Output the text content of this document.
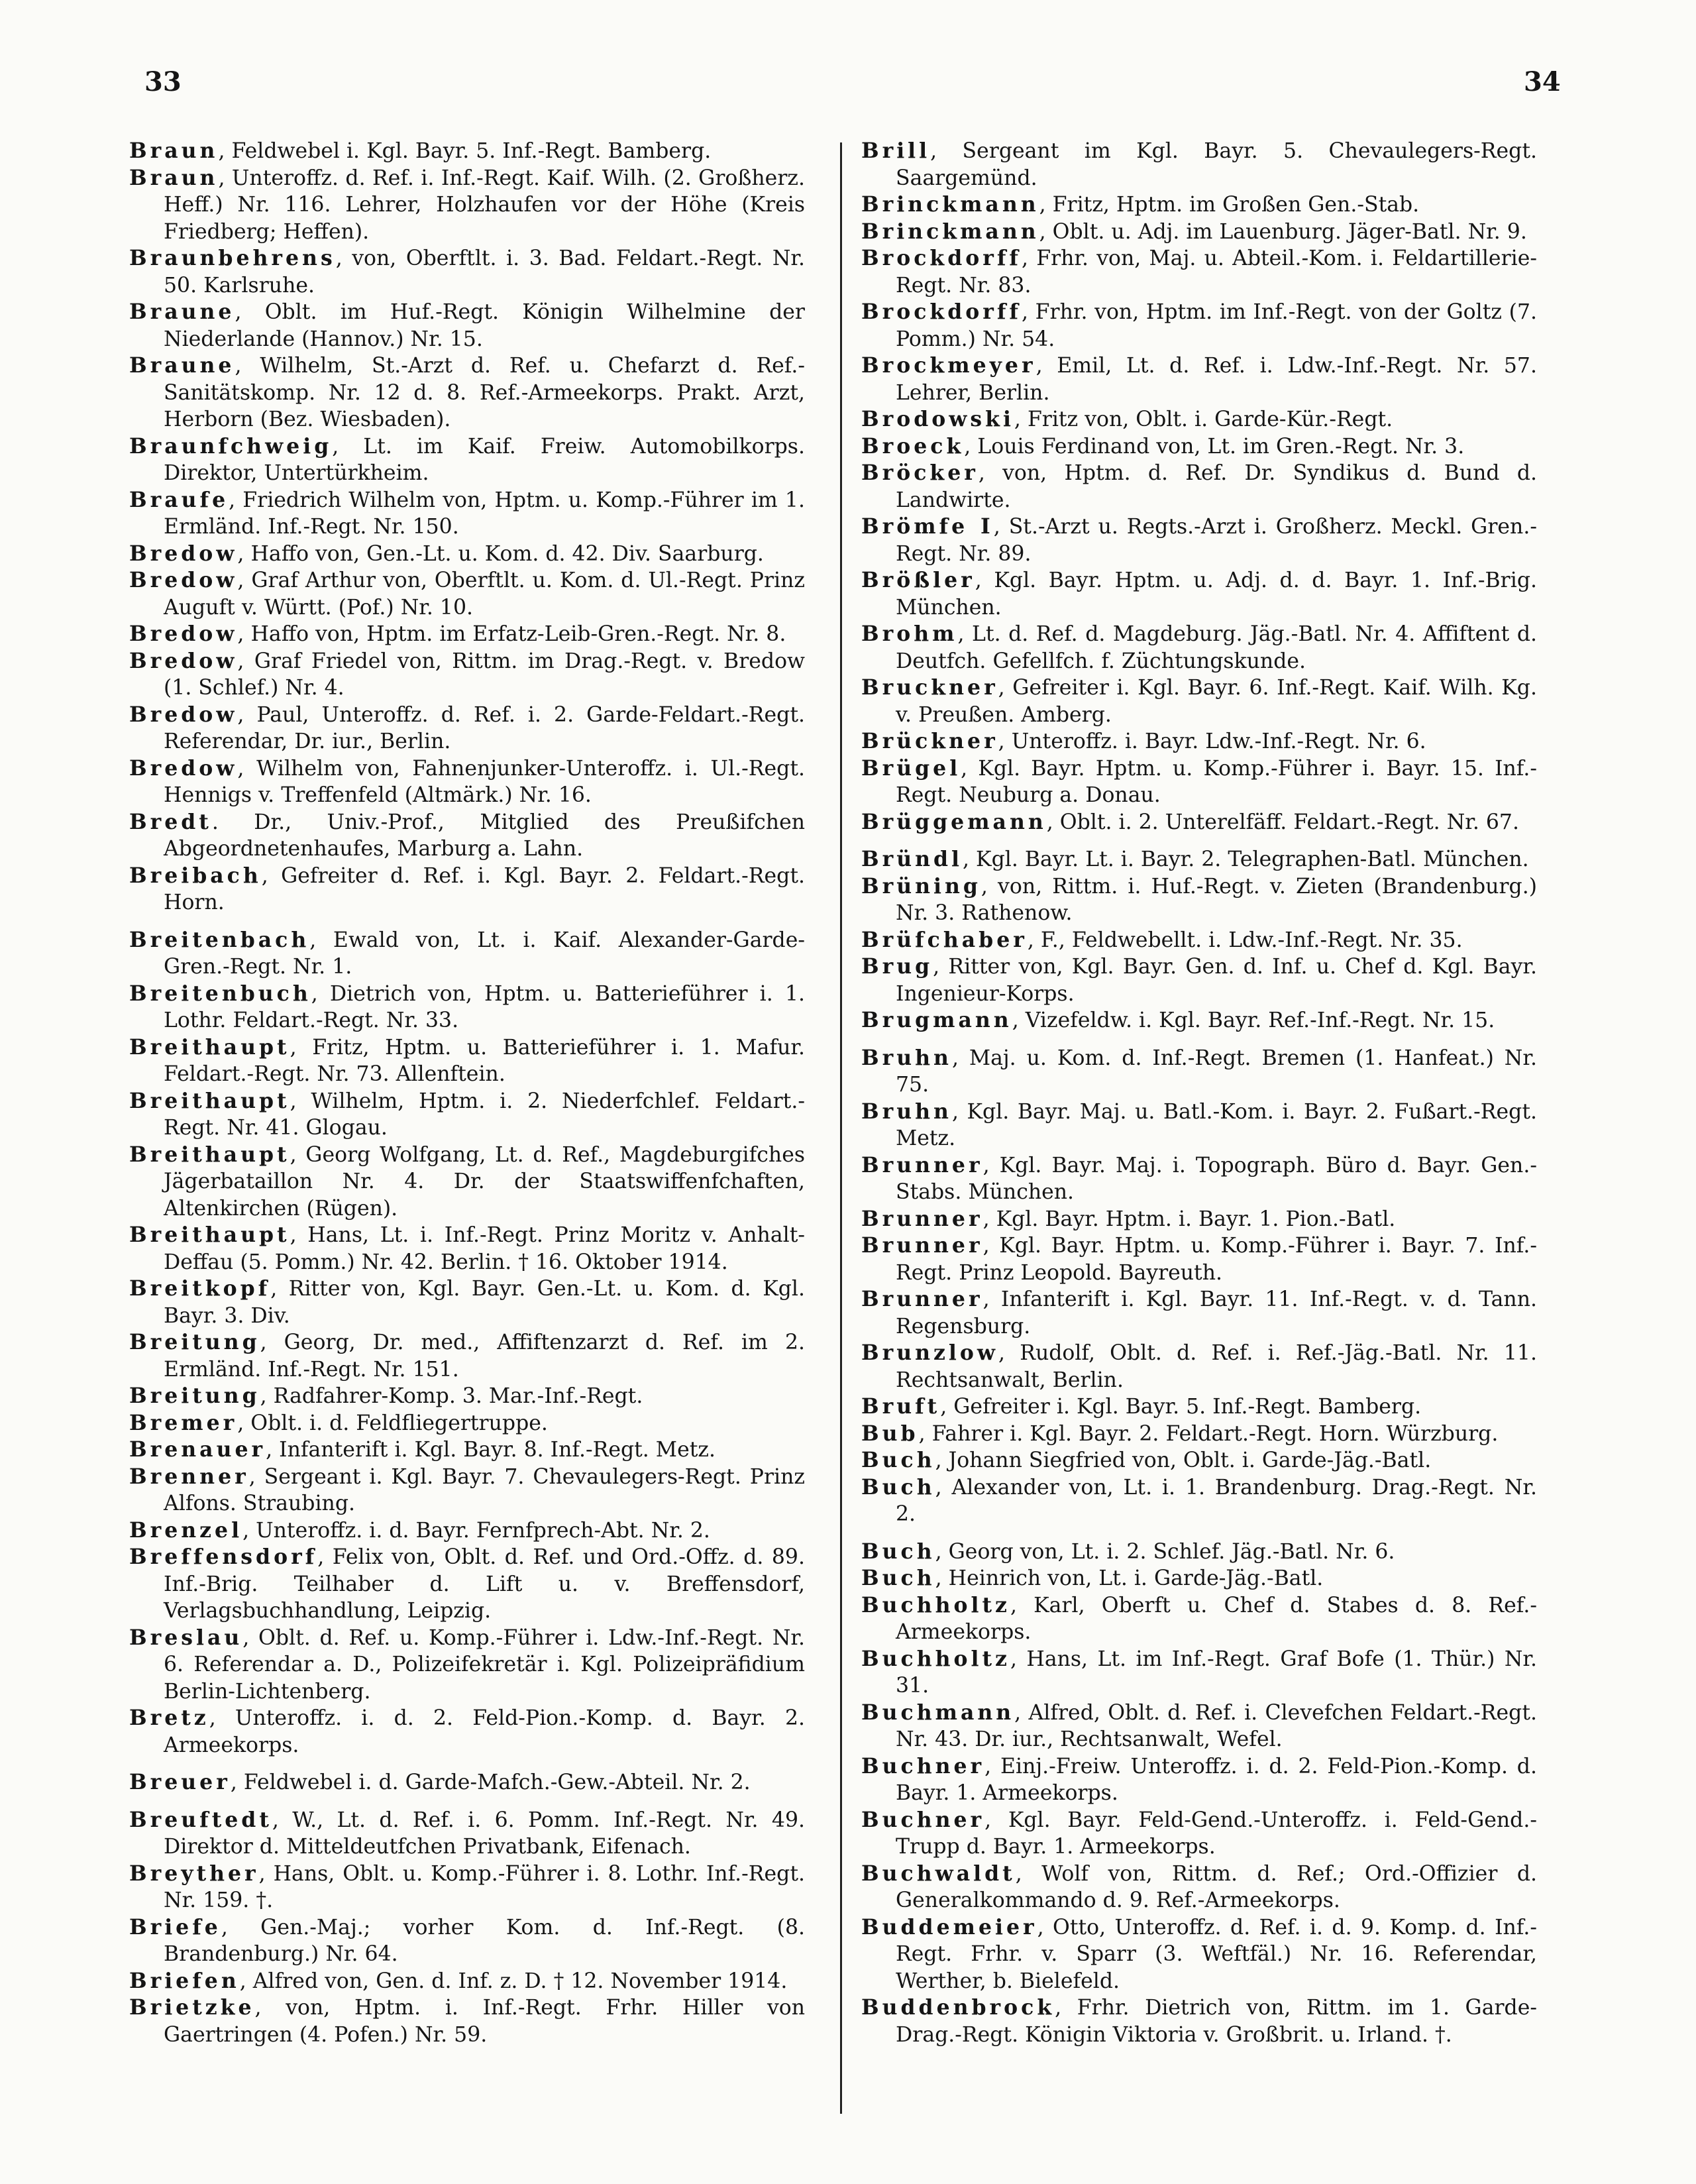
33	34

Braun, Feldwebel i. Kgl. Bayr. 5. Inf.-Regt. Bamberg.

Braun, Unteroffz. d. Ref. i. Inf.-Regt. Kaif. Wilh. (2. Großherz. Heff.) Nr. 116. Lehrer, Holzhaufen vor der Höhe (Kreis Friedberg; Heffen).

Braunbehrens, von, Oberftlt. i. 3. Bad. Feldart.-Regt. Nr. 50. Karlsruhe.

Braune, Oblt. im Huf.-Regt. Königin Wilhelmine der Niederlande (Hannov.) Nr. 15.

Braune, Wilhelm, St.-Arzt d. Ref. u. Chefarzt d. Ref.-Sanitätskomp. Nr. 12 d. 8. Ref.-Armeekorps. Prakt. Arzt, Herborn (Bez. Wiesbaden).

Braunfchweig, Lt. im Kaif. Freiw. Automobilkorps. Direktor, Untertürkheim.

Braufe, Friedrich Wilhelm von, Hptm. u. Komp.-Führer im 1. Ermländ. Inf.-Regt. Nr. 150.

Bredow, Haffo von, Gen.-Lt. u. Kom. d. 42. Div. Saarburg.

Bredow, Graf Arthur von, Oberftlt. u. Kom. d. Ul.-Regt. Prinz Auguft v. Württ. (Pof.) Nr. 10.

Bredow, Haffo von, Hptm. im Erfatz-Leib-Gren.-Regt. Nr. 8.

Bredow, Graf Friedel von, Rittm. im Drag.-Regt. v. Bredow (1. Schlef.) Nr. 4.

Bredow, Paul, Unteroffz. d. Ref. i. 2. Garde-Feldart.-Regt. Referendar, Dr. iur., Berlin.

Bredow, Wilhelm von, Fahnenjunker-Unteroffz. i. Ul.-Regt. Hennigs v. Treffenfeld (Altmärk.) Nr. 16.

Bredt. Dr., Univ.-Prof., Mitglied des Preußifchen Abgeordnetenhaufes, Marburg a. Lahn.

Breibach, Gefreiter d. Ref. i. Kgl. Bayr. 2. Feldart.-Regt. Horn.

Breitenbach, Ewald von, Lt. i. Kaif. Alexander-Garde-Gren.-Regt. Nr. 1.

Breitenbuch, Dietrich von, Hptm. u. Batterieführer i. 1. Lothr. Feldart.-Regt. Nr. 33.

Breithaupt, Fritz, Hptm. u. Batterieführer i. 1. Mafur. Feldart.-Regt. Nr. 73. Allenftein.

Breithaupt, Wilhelm, Hptm. i. 2. Niederfchlef. Feldart.-Regt. Nr. 41. Glogau.

Breithaupt, Georg Wolfgang, Lt. d. Ref., Magdeburgifches Jägerbataillon Nr. 4. Dr. der Staatswiffenfchaften, Altenkirchen (Rügen).

Breithaupt, Hans, Lt. i. Inf.-Regt. Prinz Moritz v. Anhalt-Deffau (5. Pomm.) Nr. 42. Berlin. † 16. Oktober 1914.

Breitkopf, Ritter von, Kgl. Bayr. Gen.-Lt. u. Kom. d. Kgl. Bayr. 3. Div.

Breitung, Georg, Dr. med., Affiftenzarzt d. Ref. im 2. Ermländ. Inf.-Regt. Nr. 151.

Breitung, Radfahrer-Komp. 3. Mar.-Inf.-Regt.

Bremer, Oblt. i. d. Feldfliegertruppe.

Brenauer, Infanterift i. Kgl. Bayr. 8. Inf.-Regt. Metz.

Brenner, Sergeant i. Kgl. Bayr. 7. Chevaulegers-Regt. Prinz Alfons. Straubing.

Brenzel, Unteroffz. i. d. Bayr. Fernfprech-Abt. Nr. 2.

Breffensdorf, Felix von, Oblt. d. Ref. und Ord.-Offz. d. 89. Inf.-Brig. Teilhaber d. Lift u. v. Breffensdorf, Verlagsbuchhandlung, Leipzig.

Breslau, Oblt. d. Ref. u. Komp.-Führer i. Ldw.-Inf.-Regt. Nr. 6. Referendar a. D., Polizeifekretär i. Kgl. Polizeipräfidium Berlin-Lichtenberg.

Bretz, Unteroffz. i. d. 2. Feld-Pion.-Komp. d. Bayr. 2. Armeekorps.

Breuer, Feldwebel i. d. Garde-Mafch.-Gew.-Abteil. Nr. 2.

Breuftedt, W., Lt. d. Ref. i. 6. Pomm. Inf.-Regt. Nr. 49. Direktor d. Mitteldeutfchen Privatbank, Eifenach.

Breyther, Hans, Oblt. u. Komp.-Führer i. 8. Lothr. Inf.-Regt. Nr. 159. †.

Briefe, Gen.-Maj.; vorher Kom. d. Inf.-Regt. (8. Brandenburg.) Nr. 64.

Briefen, Alfred von, Gen. d. Inf. z. D. † 12. November 1914.

Brietzke, von, Hptm. i. Inf.-Regt. Frhr. Hiller von Gaertringen (4. Pofen.) Nr. 59.

Brill, Sergeant im Kgl. Bayr. 5. Chevaulegers-Regt. Saargemünd.

Brinckmann, Fritz, Hptm. im Großen Gen.-Stab.

Brinckmann, Oblt. u. Adj. im Lauenburg. Jäger-Batl. Nr. 9.

Brockdorff, Frhr. von, Maj. u. Abteil.-Kom. i. Feldartillerie-Regt. Nr. 83.

Brockdorff, Frhr. von, Hptm. im Inf.-Regt. von der Goltz (7. Pomm.) Nr. 54.

Brockmeyer, Emil, Lt. d. Ref. i. Ldw.-Inf.-Regt. Nr. 57. Lehrer, Berlin.

Brodowski, Fritz von, Oblt. i. Garde-Kür.-Regt.

Broeck, Louis Ferdinand von, Lt. im Gren.-Regt. Nr. 3.

Bröcker, von, Hptm. d. Ref. Dr. Syndikus d. Bund d. Landwirte.

Brömfe I, St.-Arzt u. Regts.-Arzt i. Großherz. Meckl. Gren.-Regt. Nr. 89.

Brößler, Kgl. Bayr. Hptm. u. Adj. d. d. Bayr. 1. Inf.-Brig. München.

Brohm, Lt. d. Ref. d. Magdeburg. Jäg.-Batl. Nr. 4. Affiftent d. Deutfch. Gefellfch. f. Züchtungskunde.

Bruckner, Gefreiter i. Kgl. Bayr. 6. Inf.-Regt. Kaif. Wilh. Kg. v. Preußen. Amberg.

Brückner, Unteroffz. i. Bayr. Ldw.-Inf.-Regt. Nr. 6.

Brügel, Kgl. Bayr. Hptm. u. Komp.-Führer i. Bayr. 15. Inf.-Regt. Neuburg a. Donau.

Brüggemann, Oblt. i. 2. Unterelfäff. Feldart.-Regt. Nr. 67.

Bründl, Kgl. Bayr. Lt. i. Bayr. 2. Telegraphen-Batl. München.

Brüning, von, Rittm. i. Huf.-Regt. v. Zieten (Brandenburg.) Nr. 3. Rathenow.

Brüfchaber, F., Feldwebellt. i. Ldw.-Inf.-Regt. Nr. 35.

Brug, Ritter von, Kgl. Bayr. Gen. d. Inf. u. Chef d. Kgl. Bayr. Ingenieur-Korps.

Brugmann, Vizefeldw. i. Kgl. Bayr. Ref.-Inf.-Regt. Nr. 15.

Bruhn, Maj. u. Kom. d. Inf.-Regt. Bremen (1. Hanfeat.) Nr. 75.

Bruhn, Kgl. Bayr. Maj. u. Batl.-Kom. i. Bayr. 2. Fußart.-Regt. Metz.

Brunner, Kgl. Bayr. Maj. i. Topograph. Büro d. Bayr. Gen.-Stabs. München.

Brunner, Kgl. Bayr. Hptm. i. Bayr. 1. Pion.-Batl.

Brunner, Kgl. Bayr. Hptm. u. Komp.-Führer i. Bayr. 7. Inf.-Regt. Prinz Leopold. Bayreuth.

Brunner, Infanterift i. Kgl. Bayr. 11. Inf.-Regt. v. d. Tann. Regensburg.

Brunzlow, Rudolf, Oblt. d. Ref. i. Ref.-Jäg.-Batl. Nr. 11. Rechtsanwalt, Berlin.

Bruft, Gefreiter i. Kgl. Bayr. 5. Inf.-Regt. Bamberg.

Bub, Fahrer i. Kgl. Bayr. 2. Feldart.-Regt. Horn. Würzburg.

Buch, Johann Siegfried von, Oblt. i. Garde-Jäg.-Batl.

Buch, Alexander von, Lt. i. 1. Brandenburg. Drag.-Regt. Nr. 2.

Buch, Georg von, Lt. i. 2. Schlef. Jäg.-Batl. Nr. 6.

Buch, Heinrich von, Lt. i. Garde-Jäg.-Batl.

Buchholtz, Karl, Oberft u. Chef d. Stabes d. 8. Ref.-Armeekorps.

Buchholtz, Hans, Lt. im Inf.-Regt. Graf Bofe (1. Thür.) Nr. 31.

Buchmann, Alfred, Oblt. d. Ref. i. Clevefchen Feldart.-Regt. Nr. 43. Dr. iur., Rechtsanwalt, Wefel.

Buchner, Einj.-Freiw. Unteroffz. i. d. 2. Feld-Pion.-Komp. d. Bayr. 1. Armeekorps.

Buchner, Kgl. Bayr. Feld-Gend.-Unteroffz. i. Feld-Gend.-Trupp d. Bayr. 1. Armeekorps.

Buchwaldt, Wolf von, Rittm. d. Ref.; Ord.-Offizier d. Generalkommando d. 9. Ref.-Armeekorps.

Buddemeier, Otto, Unteroffz. d. Ref. i. d. 9. Komp. d. Inf.-Regt. Frhr. v. Sparr (3. Weftfäl.) Nr. 16. Referendar, Werther, b. Bielefeld.

Buddenbrock, Frhr. Dietrich von, Rittm. im 1. Garde-Drag.-Regt. Königin Viktoria v. Großbrit. u. Irland. †.
